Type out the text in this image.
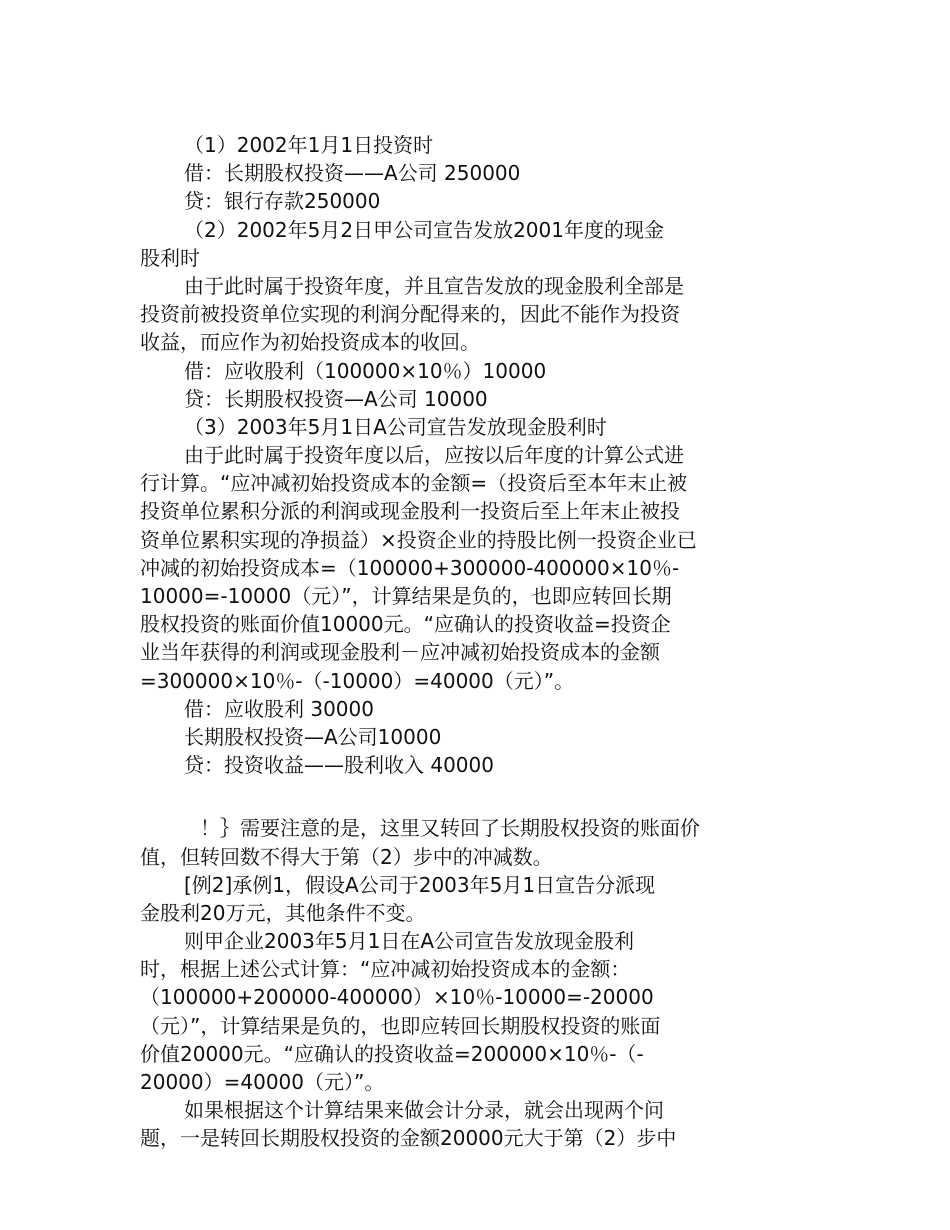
（1）2002年1月1日投资时
借：长期股权投资——A公司 250000
贷：银行存款250000
（2）2002年5月2日甲公司宣告发放2001年度的现金
股利时
由于此时属于投资年度，并且宣告发放的现金股利全部是
投资前被投资单位实现的利润分配得来的，因此不能作为投资
收益，而应作为初始投资成本的收回。
借：应收股利（100000×10％）10000
贷：长期股权投资—A公司 10000
（3）2003年5月1日A公司宣告发放现金股利时
由于此时属于投资年度以后，应按以后年度的计算公式进
行计算。“应冲减初始投资成本的金额=（投资后至本年末止被
投资单位累积分派的利润或现金股利一投资后至上年末止被投
资单位累积实现的净损益）×投资企业的持股比例一投资企业已
冲减的初始投资成本=（100000+300000-400000×10％-
10000=-10000（元）”，计算结果是负的，也即应转回长期
股权投资的账面价值10000元。“应确认的投资收益=投资企
业当年获得的利润或现金股利－应冲减初始投资成本的金额
=300000×10％-（-10000）=40000（元）”。
借：应收股利 30000
长期股权投资—A公司10000
贷：投资收益——股利收入 40000
！｝需要注意的是，这里又转回了长期股权投资的账面价
值，但转回数不得大于第（2）步中的冲减数。
[例2]承例1，假设A公司于2003年5月1日宣告分派现
金股利20万元，其他条件不变。
则甲企业2003年5月1日在A公司宣告发放现金股利
时，根据上述公式计算：“应冲减初始投资成本的金额：
（100000+200000-400000）×10％-10000=-20000
（元）”，计算结果是负的，也即应转回长期股权投资的账面
价值20000元。“应确认的投资收益=200000×10％-（-
20000）=40000（元）”。
如果根据这个计算结果来做会计分录，就会出现两个问
题，一是转回长期股权投资的金额20000元大于第（2）步中
